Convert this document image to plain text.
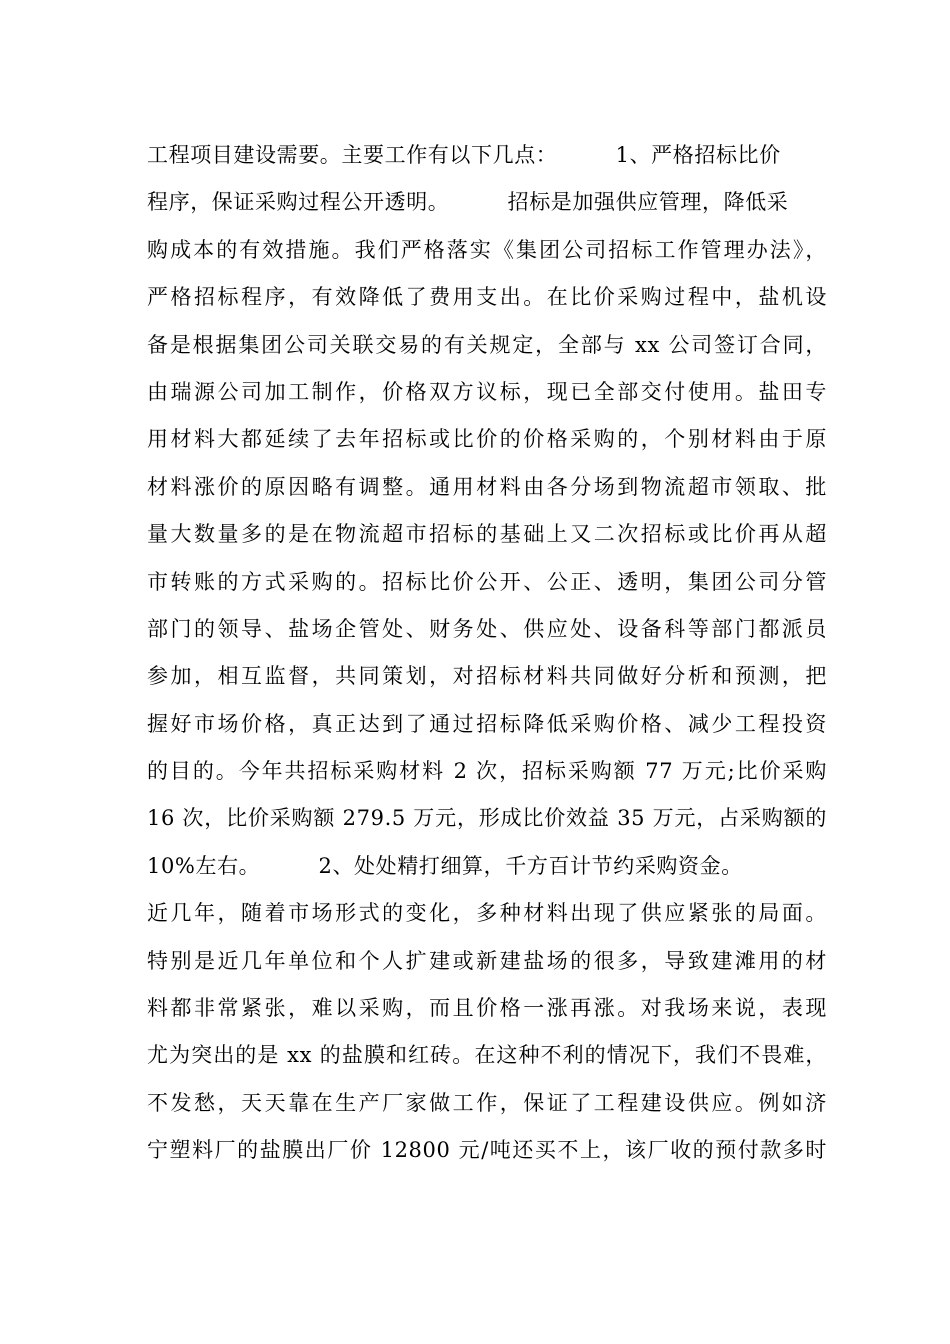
工程项目建设需要。主要工作有以下几点：        1、严格招标比价
程序，保证采购过程公开透明。        招标是加强供应管理，降低采
购成本的有效措施。我们严格落实《集团公司招标工作管理办法》，
严格招标程序，有效降低了费用支出。在比价采购过程中，盐机设
备是根据集团公司关联交易的有关规定，全部与 xx 公司签订合同，
由瑞源公司加工制作，价格双方议标，现已全部交付使用。盐田专
用材料大都延续了去年招标或比价的价格采购的，个别材料由于原
材料涨价的原因略有调整。通用材料由各分场到物流超市领取、批
量大数量多的是在物流超市招标的基础上又二次招标或比价再从超
市转账的方式采购的。招标比价公开、公正、透明，集团公司分管
部门的领导、盐场企管处、财务处、供应处、设备科等部门都派员
参加，相互监督，共同策划，对招标材料共同做好分析和预测，把
握好市场价格，真正达到了通过招标降低采购价格、减少工程投资
的目的。今年共招标采购材料 2 次，招标采购额 77 万元;比价采购
16 次，比价采购额 279.5 万元，形成比价效益 35 万元，占采购额的
10%左右。        2、处处精打细算，千方百计节约采购资金。
近几年，随着市场形式的变化，多种材料出现了供应紧张的局面。
特别是近几年单位和个人扩建或新建盐场的很多，导致建滩用的材
料都非常紧张，难以采购，而且价格一涨再涨。对我场来说，表现
尤为突出的是 xx 的盐膜和红砖。在这种不利的情况下，我们不畏难，
不发愁，天天靠在生产厂家做工作，保证了工程建设供应。例如济
宁塑料厂的盐膜出厂价 12800 元/吨还买不上，该厂收的预付款多时
